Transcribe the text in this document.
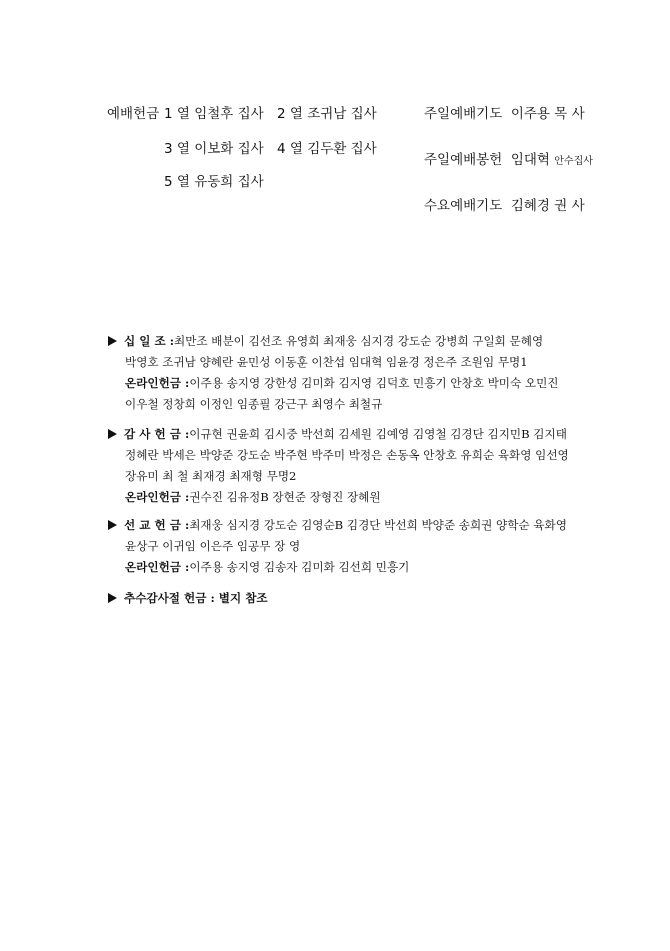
예배헌금 1 열 임철후 집사 2 열 조귀남 집사
3 열 이보화 집사 4 열 김두환 집사
5 열 유동희 집사
주일예배기도 이주용 목 사
주일예배봉헌 임대혁 안수집사
수요예배기도 김혜경 권 사
십 일 조 :최만조 배분이 김선조 유영희 최재웅 심지경 강도순 강병희 구일회 문혜영
박영호 조귀남 양혜란 윤민성 이동훈 이찬섭 임대혁 임윤경 정은주 조원임 무명1
온라인헌금 :이주용 송지영 강한성 김미화 김지영 김덕호 민흥기 안창호 박미숙 오민진
이우철 정창희 이정인 임종필 강근구 최영수 최철규
감 사 헌 금 :이규현 권윤희 김시중 박선희 김세원 김예영 김영철 김경단 김지민B 김지태
정혜란 박세은 박양준 강도순 박주현 박주미 박정은 손동옥 안창호 유희순 육화영 임선영
장유미 최 철 최재경 최재형 무명2
온라인헌금 :권수진 김유정B 장현준 장형진 장혜원
선 교 헌 금 :최재웅 심지경 강도순 김영순B 김경단 박선희 박양준 송희권 양학순 육화영
윤상구 이귀임 이은주 임공무 장 영
온라인헌금 :이주용 송지영 김송자 김미화 김선희 민흥기
추수감사절 헌금 : 별지 참조
